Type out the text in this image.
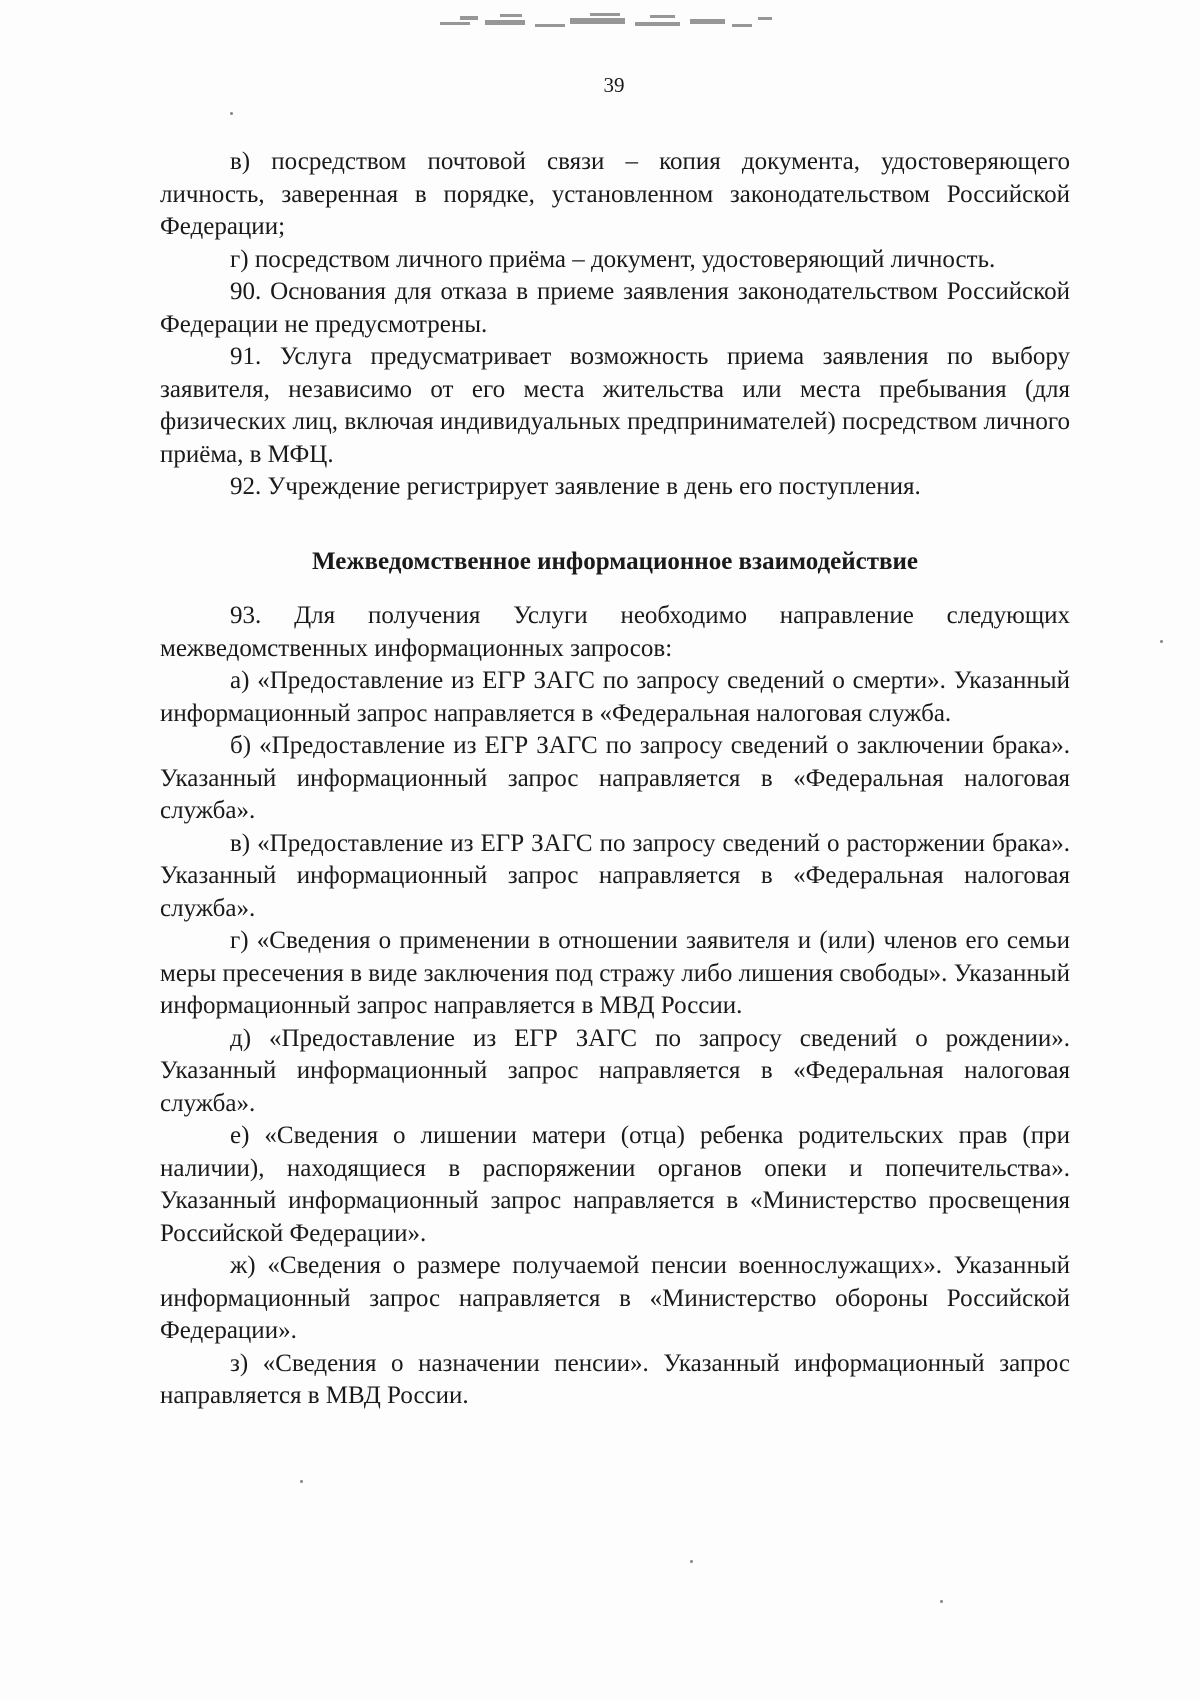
39

в) посредством почтовой связи – копия документа, удостоверяющего личность, заверенная в порядке, установленном законодательством Российской Федерации;

г) посредством личного приёма – документ, удостоверяющий личность.

90. Основания для отказа в приеме заявления законодательством Российской Федерации не предусмотрены.

91. Услуга предусматривает возможность приема заявления по выбору заявителя, независимо от его места жительства или места пребывания (для физических лиц, включая индивидуальных предпринимателей) посредством личного приёма, в МФЦ.

92. Учреждение регистрирует заявление в день его поступления.

Межведомственное информационное взаимодействие

93. Для получения Услуги необходимо направление следующих межведомственных информационных запросов:

а) «Предоставление из ЕГР ЗАГС по запросу сведений о смерти». Указанный информационный запрос направляется в «Федеральная налоговая служба.

б) «Предоставление из ЕГР ЗАГС по запросу сведений о заключении брака». Указанный информационный запрос направляется в «Федеральная налоговая служба».

в) «Предоставление из ЕГР ЗАГС по запросу сведений о расторжении брака». Указанный информационный запрос направляется в «Федеральная налоговая служба».

г) «Сведения о применении в отношении заявителя и (или) членов его семьи меры пресечения в виде заключения под стражу либо лишения свободы». Указанный информационный запрос направляется в МВД России.

д) «Предоставление из ЕГР ЗАГС по запросу сведений о рождении». Указанный информационный запрос направляется в «Федеральная налоговая служба».

е) «Сведения о лишении матери (отца) ребенка родительских прав (при наличии), находящиеся в распоряжении органов опеки и попечительства». Указанный информационный запрос направляется в «Министерство просвещения Российской Федерации».

ж) «Сведения о размере получаемой пенсии военнослужащих». Указанный информационный запрос направляется в «Министерство обороны Российской Федерации».

з) «Сведения о назначении пенсии». Указанный информационный запрос направляется в МВД России.
